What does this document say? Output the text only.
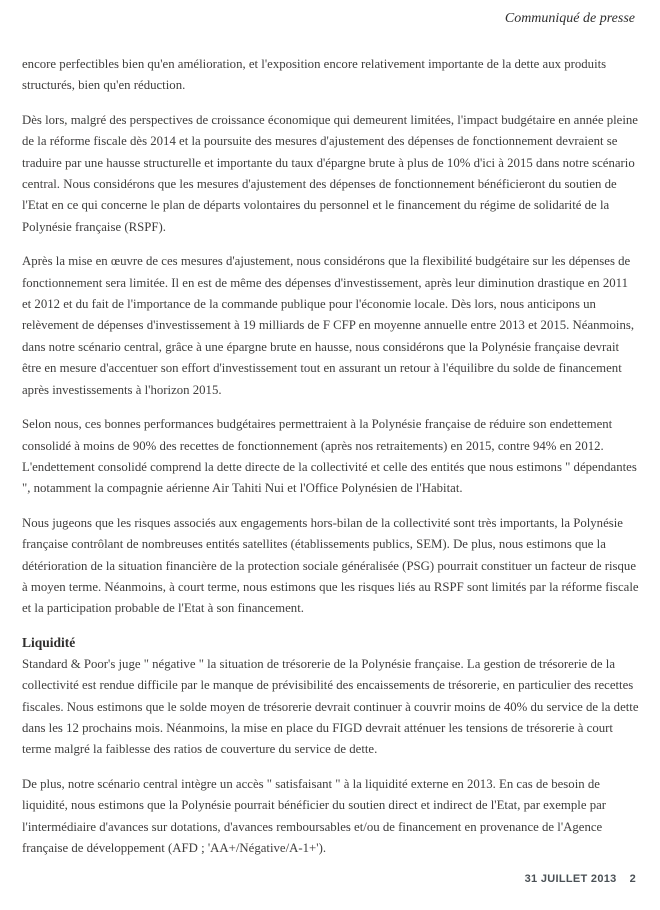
Communiqué de presse

encore perfectibles bien qu'en amélioration, et l'exposition encore relativement importante de la dette aux produits structurés, bien qu'en réduction.

Dès lors, malgré des perspectives de croissance économique qui demeurent limitées, l'impact budgétaire en année pleine de la réforme fiscale dès 2014 et la poursuite des mesures d'ajustement des dépenses de fonctionnement devraient se traduire par une hausse structurelle et importante du taux d'épargne brute à plus de 10% d'ici à 2015 dans notre scénario central. Nous considérons que les mesures d'ajustement des dépenses de fonctionnement bénéficieront du soutien de l'Etat en ce qui concerne le plan de départs volontaires du personnel et le financement du régime de solidarité de la Polynésie française (RSPF).

Après la mise en œuvre de ces mesures d'ajustement, nous considérons que la flexibilité budgétaire sur les dépenses de fonctionnement sera limitée. Il en est de même des dépenses d'investissement, après leur diminution drastique en 2011 et 2012 et du fait de l'importance de la commande publique pour l'économie locale. Dès lors, nous anticipons un relèvement de dépenses d'investissement à 19 milliards de F CFP en moyenne annuelle entre 2013 et 2015. Néanmoins, dans notre scénario central, grâce à une épargne brute en hausse, nous considérons que la Polynésie française devrait être en mesure d'accentuer son effort d'investissement tout en assurant un retour à l'équilibre du solde de financement après investissements à l'horizon 2015.

Selon nous, ces bonnes performances budgétaires permettraient à la Polynésie française de réduire son endettement consolidé à moins de 90% des recettes de fonctionnement (après nos retraitements) en 2015, contre 94% en 2012. L'endettement consolidé comprend la dette directe de la collectivité et celle des entités que nous estimons " dépendantes ", notamment la compagnie aérienne Air Tahiti Nui et l'Office Polynésien de l'Habitat.

Nous jugeons que les risques associés aux engagements hors-bilan de la collectivité sont très importants, la Polynésie française contrôlant de nombreuses entités satellites (établissements publics, SEM). De plus, nous estimons que la détérioration de la situation financière de la protection sociale généralisée (PSG) pourrait constituer un facteur de risque à moyen terme. Néanmoins, à court terme, nous estimons que les risques liés au RSPF sont limités par la réforme fiscale et la participation probable de l'Etat à son financement.

Liquidité

Standard & Poor's juge " négative " la situation de trésorerie de la Polynésie française. La gestion de trésorerie de la collectivité est rendue difficile par le manque de prévisibilité des encaissements de trésorerie, en particulier des recettes fiscales. Nous estimons que le solde moyen de trésorerie devrait continuer à couvrir moins de 40% du service de la dette dans les 12 prochains mois. Néanmoins, la mise en place du FIGD devrait atténuer les tensions de trésorerie à court terme malgré la faiblesse des ratios de couverture du service de dette.

De plus, notre scénario central intègre un accès " satisfaisant " à la liquidité externe en 2013. En cas de besoin de liquidité, nous estimons que la Polynésie pourrait bénéficier du soutien direct et indirect de l'Etat, par exemple par l'intermédiaire d'avances sur dotations, d'avances remboursables et/ou de financement en provenance de l'Agence française de développement (AFD ; 'AA+/Négative/A-1+').

31 JUILLET 2013 2
